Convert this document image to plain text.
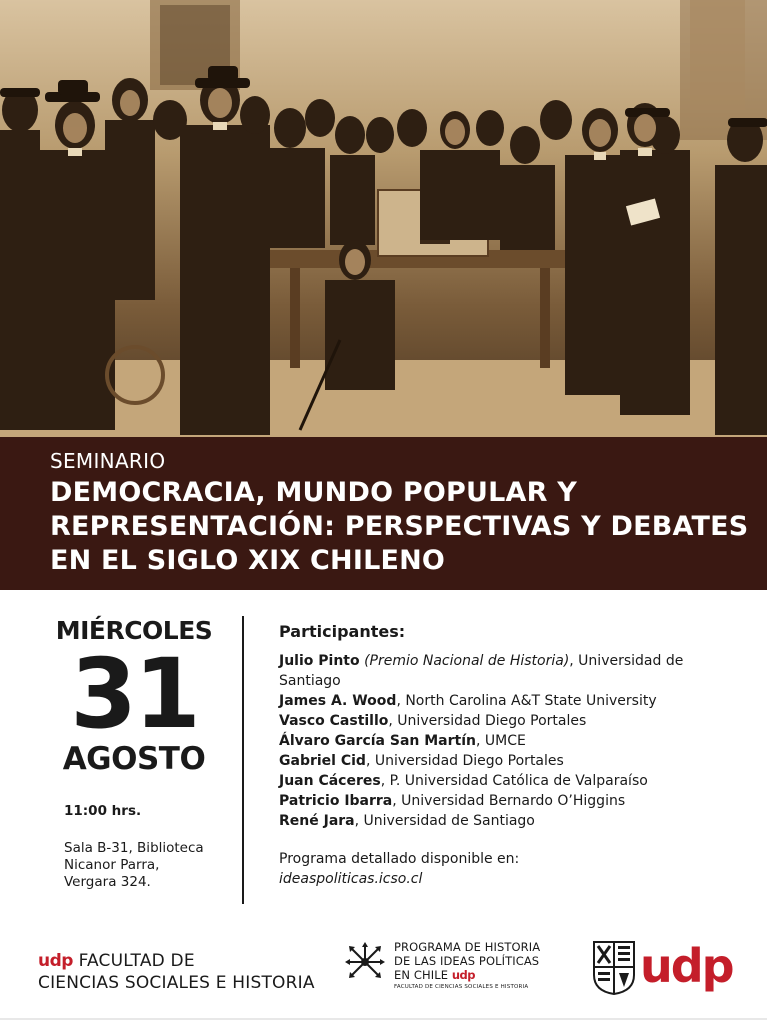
SEMINARIO
DEMOCRACIA, MUNDO POPULAR Y
REPRESENTACIÓN: PERSPECTIVAS Y DEBATES
EN EL SIGLO XIX CHILENO
MIÉRCOLES
31
AGOSTO
11:00 hrs.
Sala B-31, Biblioteca
Nicanor Parra,
Vergara 324.
Participantes:
Julio Pinto (Premio Nacional de Historia), Universidad de
Santiago
James A. Wood, North Carolina A&T State University
Vasco Castillo, Universidad Diego Portales
Álvaro García San Martín, UMCE
Gabriel Cid, Universidad Diego Portales
Juan Cáceres, P. Universidad Católica de Valparaíso
Patricio Ibarra, Universidad Bernardo O’Higgins
René Jara, Universidad de Santiago
Programa detallado disponible en:
ideaspoliticas.icso.cl
udp FACULTAD DE
CIENCIAS SOCIALES E HISTORIA
PROGRAMA DE HISTORIA
DE LAS IDEAS POLÍTICAS
EN CHILE udp
FACULTAD DE CIENCIAS SOCIALES E HISTORIA	udp
